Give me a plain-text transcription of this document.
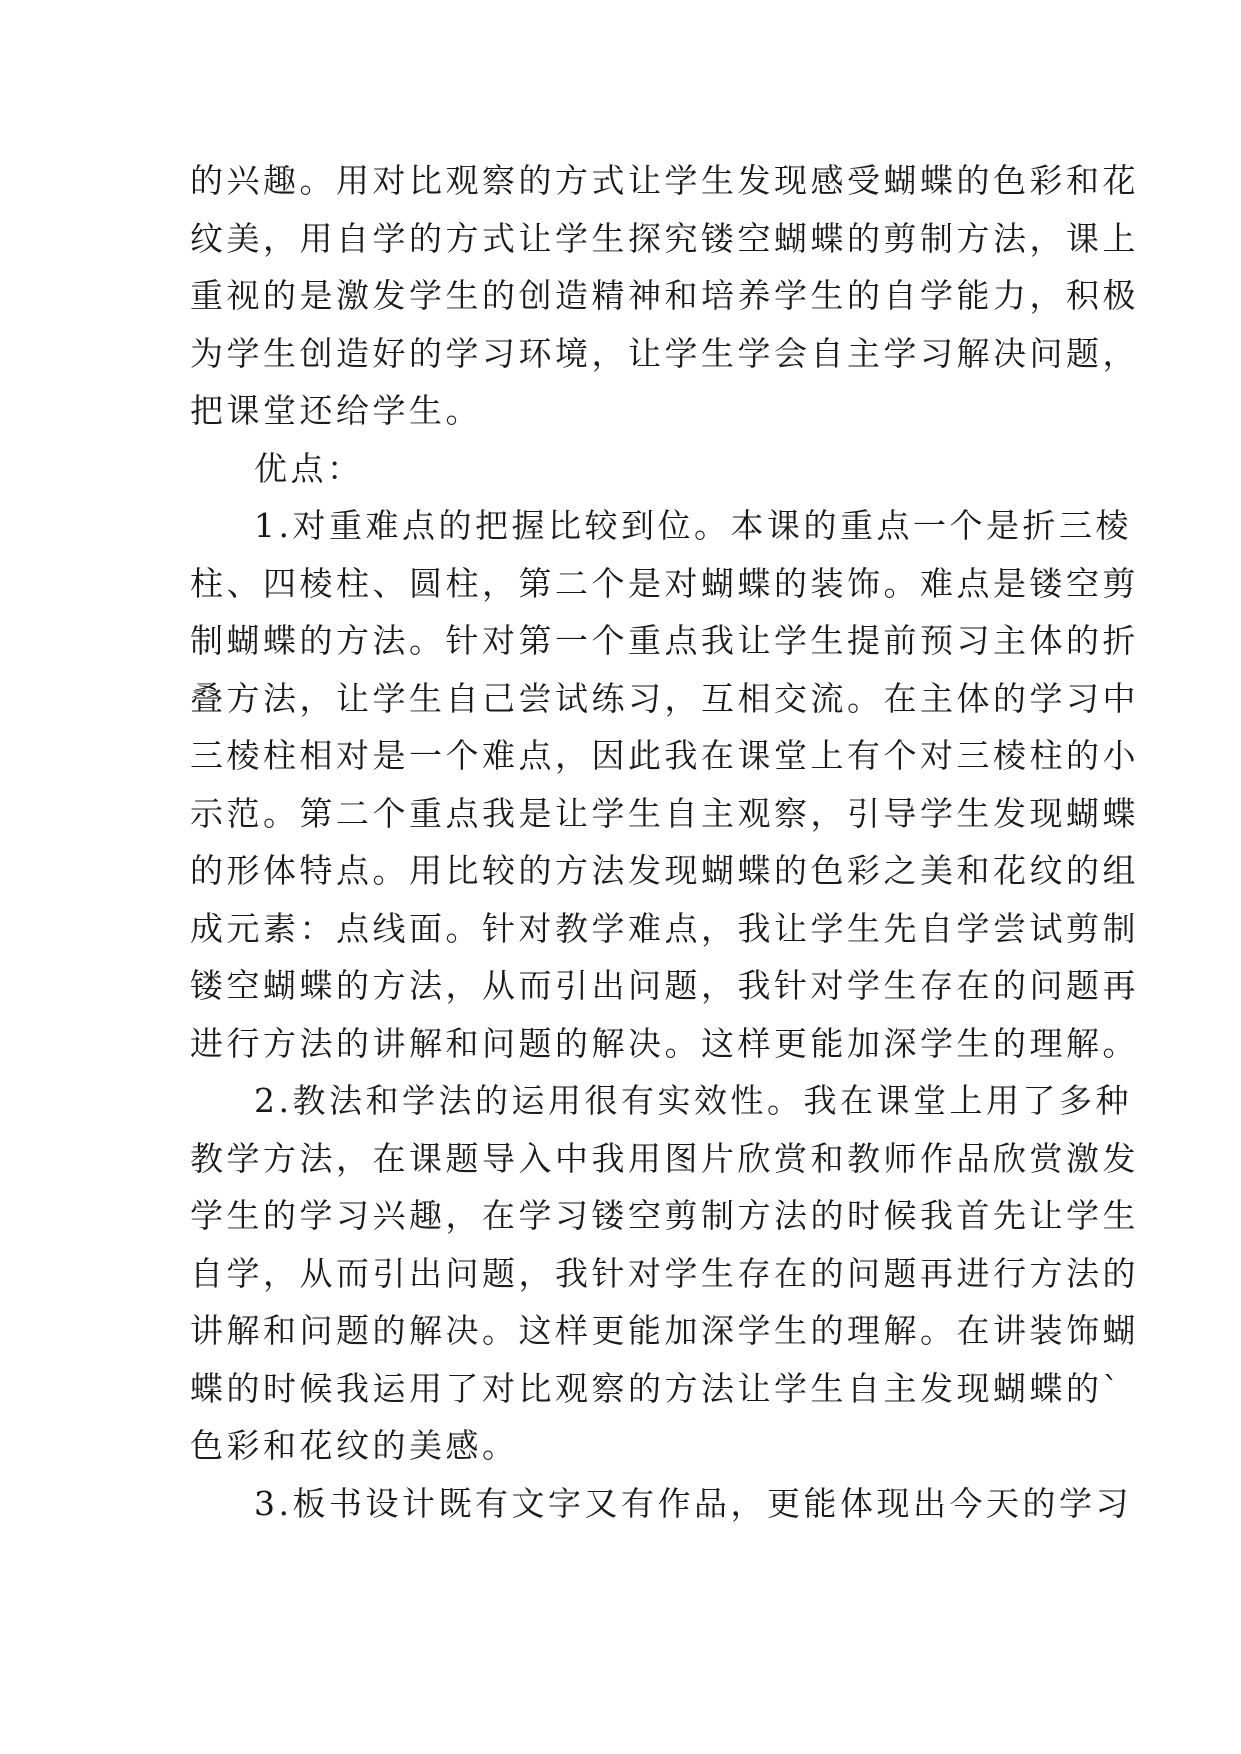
的兴趣。用对比观察的方式让学生发现感受蝴蝶的色彩和花
纹美，用自学的方式让学生探究镂空蝴蝶的剪制方法，课上
重视的是激发学生的创造精神和培养学生的自学能力，积极
为学生创造好的学习环境，让学生学会自主学习解决问题，
把课堂还给学生。
优点：
1.对重难点的把握比较到位。本课的重点一个是折三棱
柱、四棱柱、圆柱，第二个是对蝴蝶的装饰。难点是镂空剪
制蝴蝶的方法。针对第一个重点我让学生提前预习主体的折
叠方法，让学生自己尝试练习，互相交流。在主体的学习中
三棱柱相对是一个难点，因此我在课堂上有个对三棱柱的小
示范。第二个重点我是让学生自主观察，引导学生发现蝴蝶
的形体特点。用比较的方法发现蝴蝶的色彩之美和花纹的组
成元素：点线面。针对教学难点，我让学生先自学尝试剪制
镂空蝴蝶的方法，从而引出问题，我针对学生存在的问题再
进行方法的讲解和问题的解决。这样更能加深学生的理解。
2.教法和学法的运用很有实效性。我在课堂上用了多种
教学方法，在课题导入中我用图片欣赏和教师作品欣赏激发
学生的学习兴趣，在学习镂空剪制方法的时候我首先让学生
自学，从而引出问题，我针对学生存在的问题再进行方法的
讲解和问题的解决。这样更能加深学生的理解。在讲装饰蝴
蝶的时候我运用了对比观察的方法让学生自主发现蝴蝶的`
色彩和花纹的美感。
3.板书设计既有文字又有作品，更能体现出今天的学习
